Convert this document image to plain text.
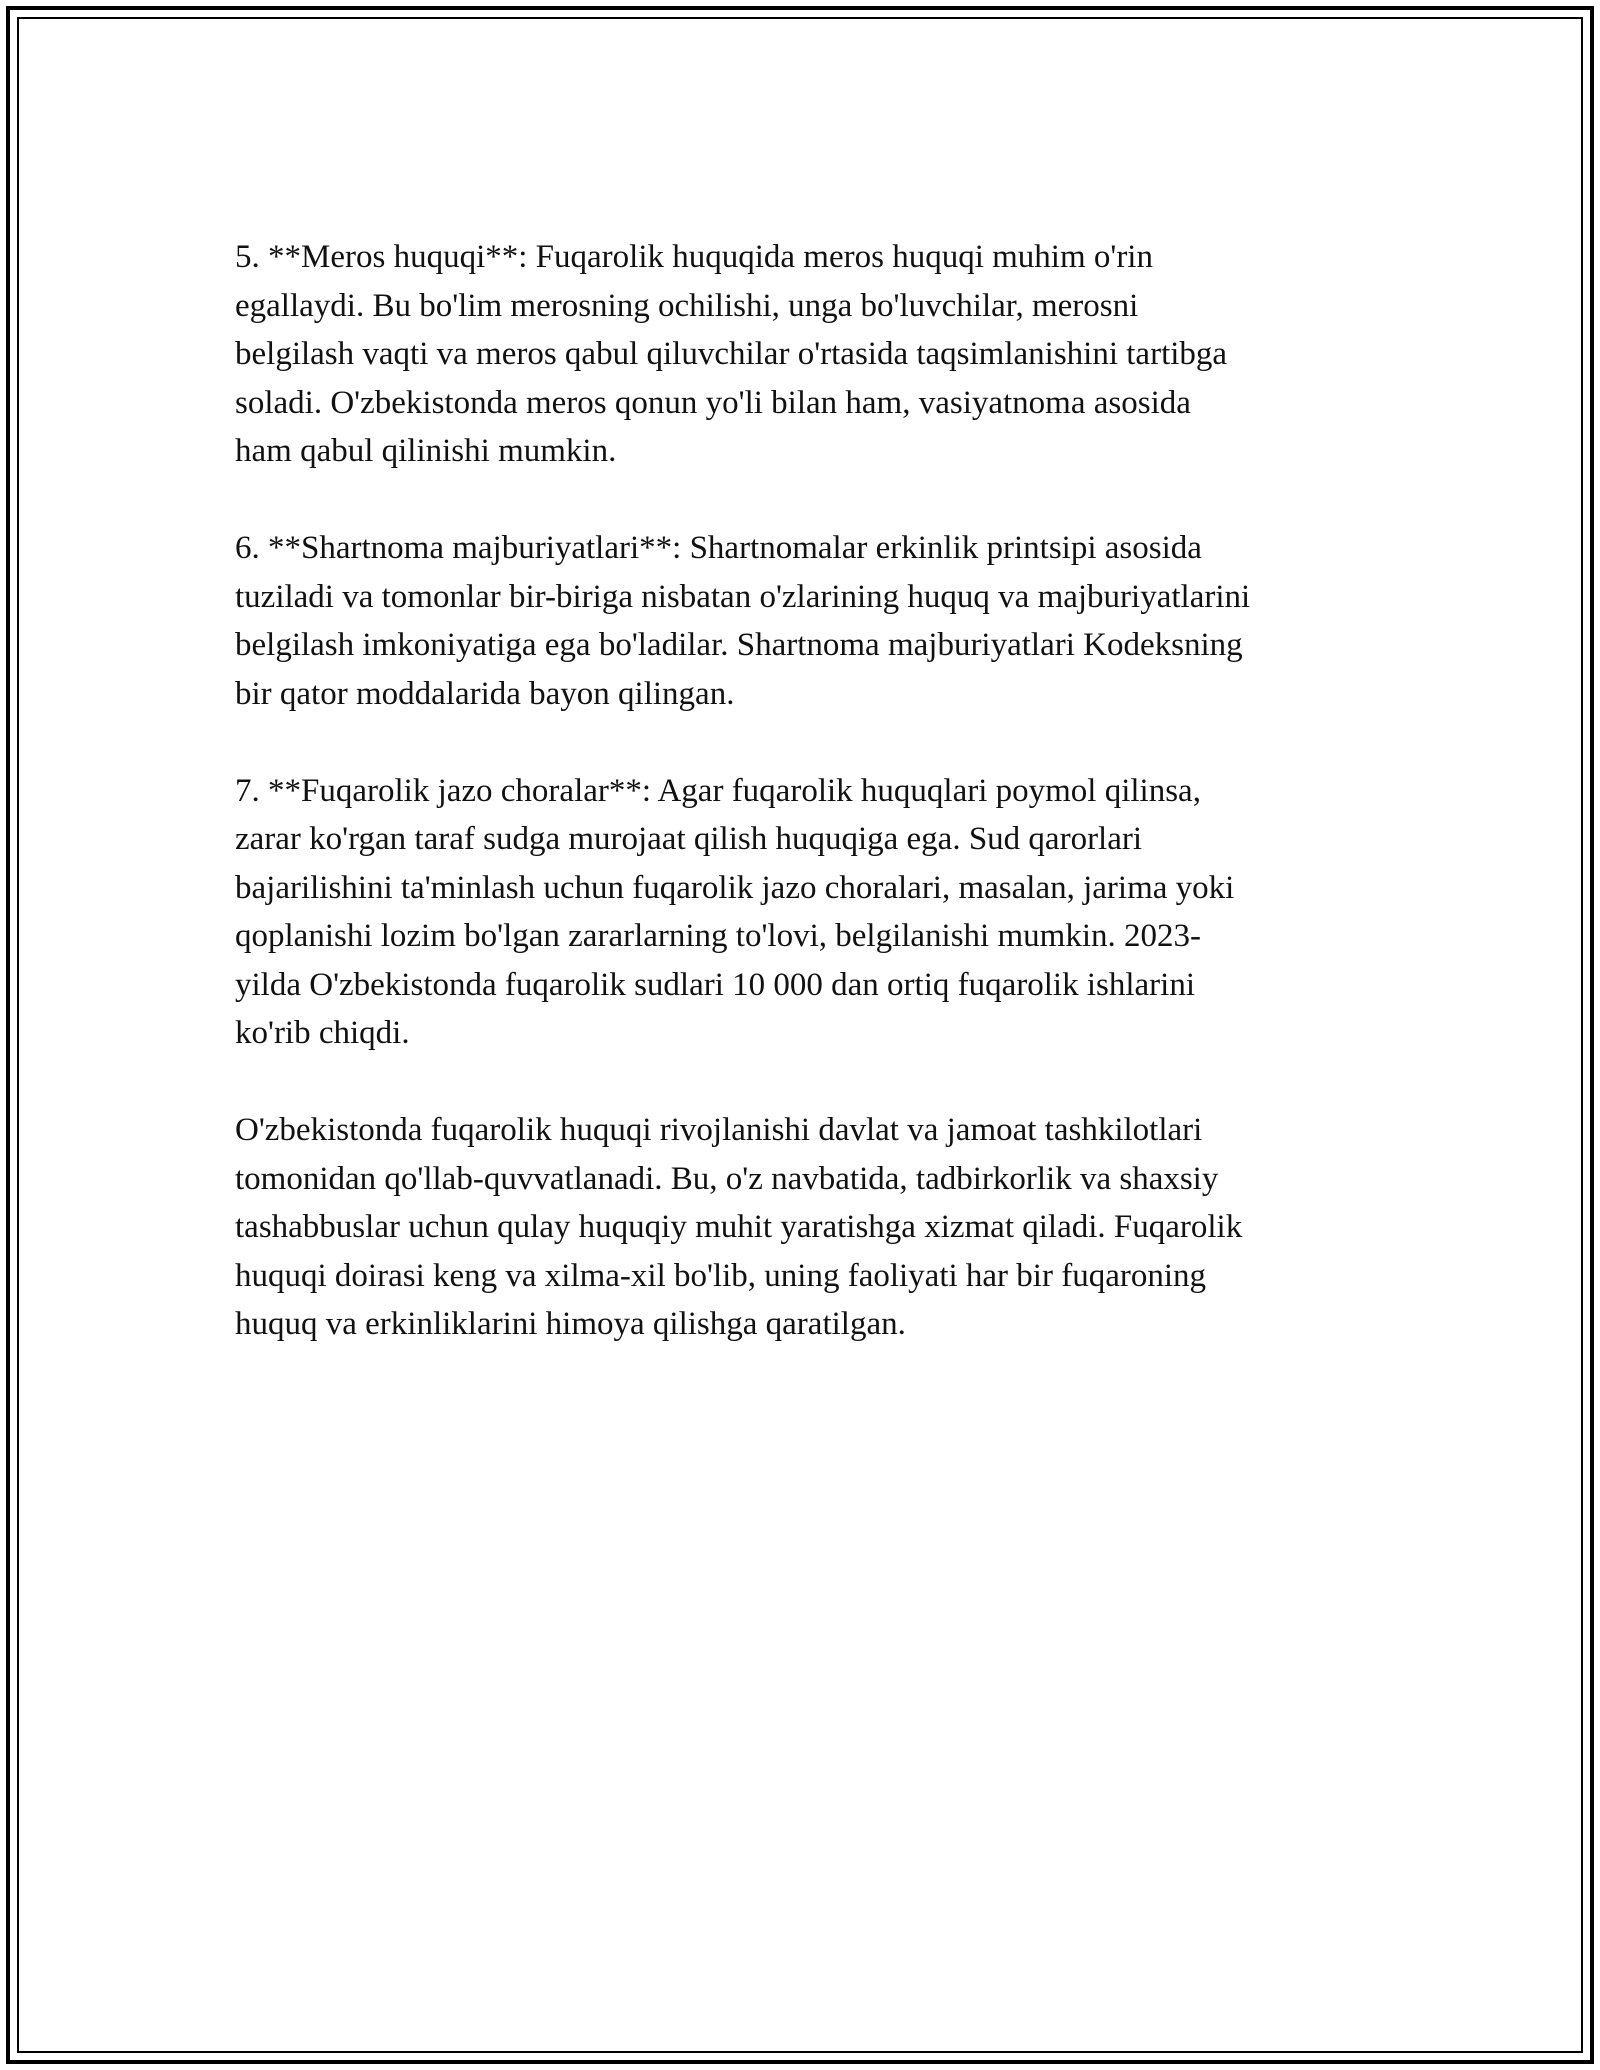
5. **Meros huquqi**: Fuqarolik huquqida meros huquqi muhim o'rin
egallaydi. Bu bo'lim merosning ochilishi, unga bo'luvchilar, merosni
belgilash vaqti va meros qabul qiluvchilar o'rtasida taqsimlanishini tartibga
soladi. O'zbekistonda meros qonun yo'li bilan ham, vasiyatnoma asosida
ham qabul qilinishi mumkin.

6. **Shartnoma majburiyatlari**: Shartnomalar erkinlik printsipi asosida
tuziladi va tomonlar bir-biriga nisbatan o'zlarining huquq va majburiyatlarini
belgilash imkoniyatiga ega bo'ladilar. Shartnoma majburiyatlari Kodeksning
bir qator moddalarida bayon qilingan.

7. **Fuqarolik jazo choralar**: Agar fuqarolik huquqlari poymol qilinsa,
zarar ko'rgan taraf sudga murojaat qilish huquqiga ega. Sud qarorlari
bajarilishini ta'minlash uchun fuqarolik jazo choralari, masalan, jarima yoki
qoplanishi lozim bo'lgan zararlarning to'lovi, belgilanishi mumkin. 2023-
yilda O'zbekistonda fuqarolik sudlari 10 000 dan ortiq fuqarolik ishlarini
ko'rib chiqdi.

O'zbekistonda fuqarolik huquqi rivojlanishi davlat va jamoat tashkilotlari
tomonidan qo'llab-quvvatlanadi. Bu, o'z navbatida, tadbirkorlik va shaxsiy
tashabbuslar uchun qulay huquqiy muhit yaratishga xizmat qiladi. Fuqarolik
huquqi doirasi keng va xilma-xil bo'lib, uning faoliyati har bir fuqaroning
huquq va erkinliklarini himoya qilishga qaratilgan.
